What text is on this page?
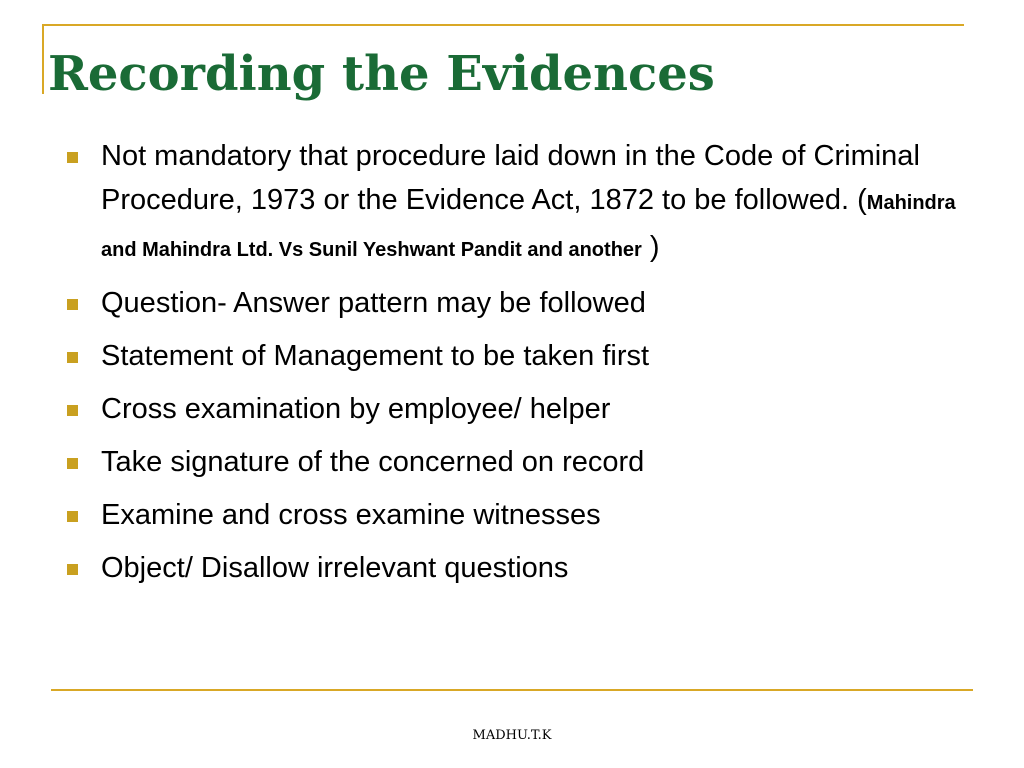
Recording the Evidences
Not mandatory that procedure laid down in the Code of Criminal Procedure, 1973 or the Evidence Act, 1872 to be followed. (Mahindra and Mahindra Ltd. Vs Sunil Yeshwant Pandit and another )
Question- Answer pattern may be followed
Statement of Management to be taken first
Cross examination by employee/ helper
Take signature of the concerned on record
Examine and cross examine witnesses
Object/ Disallow irrelevant questions
MADHU.T.K
